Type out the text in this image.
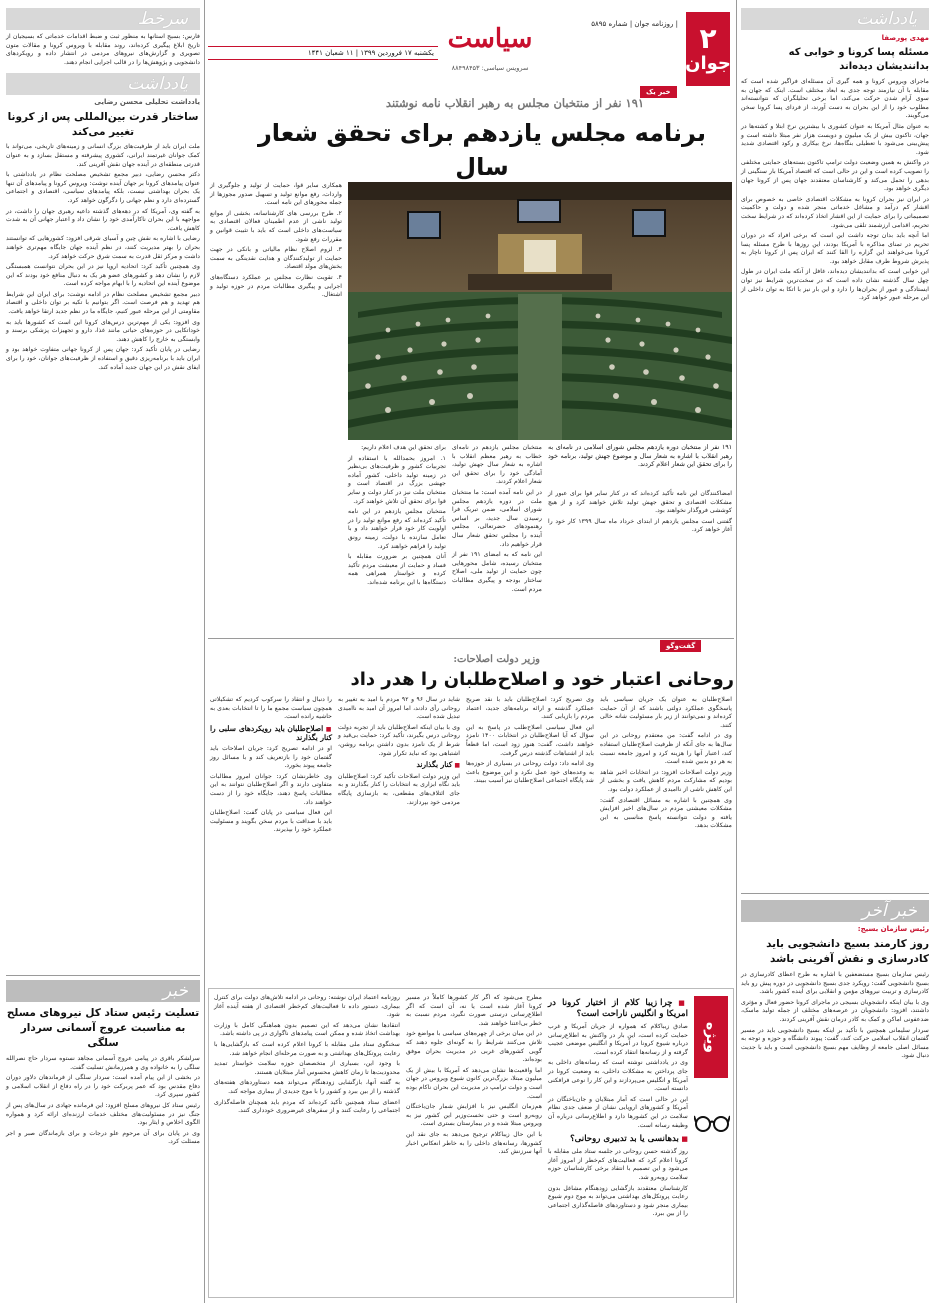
یادداشت
مهدی پورصفا
مسئله پسا کرونا و خوابی که بدانندیشان دیده‌اند

ماجرای ویروس کرونا و همه گیری آن مسئله‌ای فراگیر شده است که مقابله با آن نیازمند توجه جدی به ابعاد مختلف است. اینک که جهان به سوی آرام شدن حرکت می‌کند، اما برخی تحلیلگران که نتوانسته‌اند مطلوب خود را از این بحران به دست آورند، از فردای پسا کرونا سخن می‌گویند.

به عنوان مثال آمریکا به عنوان کشوری با بیشترین نرخ ابتلا و کشته‌ها در جهان، تاکنون بیش از یک میلیون و دویست هزار نفر مبتلا داشته است و پیش‌بینی می‌شود با تعطیلی بنگاه‌ها، نرخ بیکاری و رکود اقتصادی شدید شود.

در واکنش به همین وضعیت دولت ترامپ تاکنون بسته‌های حمایتی مختلفی را تصویب کرده است و این در حالی است که اقتصاد آمریکا بار سنگینی از بدهی را تحمل می‌کند و کارشناسان معتقدند جهان پس از کرونا جهان دیگری خواهد بود.

در ایران نیز بحران کرونا به مشکلات اقتصادی خاصی به خصوص برای اقشار کم درآمد و مشاغل خدماتی منجر شده و دولت و حاکمیت تصمیماتی را برای حمایت از این اقشار اتخاذ کرده‌اند که در شرایط سخت تحریم، اقدامی ارزشمند تلقی می‌شود.

اما آنچه باید بدان توجه داشت این است که برخی افراد که در دوران تحریم در تمنای مذاکره با آمریکا بودند، این روزها با طرح مسئله پسا کرونا می‌خواهند این گزاره را القا کنند که ایران پس از کرونا ناچار به پذیرش شروط طرف مقابل خواهد بود.

این خوابی است که بدانندیشان دیده‌اند، غافل از آنکه ملت ایران در طول چهل سال گذشته نشان داده است که در سخت‌ترین شرایط نیز توان ایستادگی و عبور از بحران‌ها را دارد و این بار نیز با اتکا به توان داخلی از این مرحله عبور خواهد کرد.

خبر آخر
رئیس سازمان بسیج:
روز کارمند بسیج دانشجویی باید کادرسازی و نقش آفرینی باشد

رئیس سازمان بسیج مستضعفین با اشاره به طرح اعطای کادرسازی در بسیج دانشجویی گفت: رویکرد جدی بسیج دانشجویی در دوره پیش رو باید کادرسازی و تربیت نیروهای مؤمن و انقلابی برای آینده کشور باشد.

وی با بیان اینکه دانشجویان بسیجی در ماجرای کرونا حضور فعال و مؤثری داشتند، افزود: دانشجویان در عرصه‌های مختلف از جمله تولید ماسک، ضدعفونی اماکن و کمک به کادر درمان نقش آفرینی کردند.

سردار سلیمانی همچنین با تأکید بر اینکه بسیج دانشجویی باید در مسیر گفتمان انقلاب اسلامی حرکت کند، گفت: پیوند دانشگاه و حوزه و توجه به مسائل اصلی جامعه از وظایف مهم بسیج دانشجویی است و باید با جدیت دنبال شود.

۲
جوان
| روزنامه جوان | شماره ۵۸۹۵
سیاست
سرویس سیاسی: ۸۸۴۹۸۴۵۳
یکشنبه ۱۷ فروردین ۱۳۹۹ | ۱۱ شعبان ۱۴۴۱
خبر یک
۱۹۱ نفر از منتخبان مجلس به رهبر انقلاب نامه نوشتند
برنامه مجلس یازدهم برای تحقق شعار سال
۱۹۱ نفر از منتخبان دوره یازدهم مجلس شورای اسلامی در نامه‌ای به رهبر انقلاب با اشاره به شعار سال و موضوع جهش تولید، برنامه خود را برای تحقق این شعار اعلام کردند.

منتخبان مجلس یازدهم در نامه‌ای خطاب به رهبر معظم انقلاب با اشاره به شعار سال جهش تولید، آمادگی خود را برای تحقق این شعار اعلام کردند.

در این نامه آمده است: ما منتخبان ملت در دوره یازدهم مجلس شورای اسلامی، ضمن تبریک فرا رسیدن سال جدید، بر اساس رهنمودهای حضرتعالی، مجلس آینده را مجلس تحقق شعار سال قرار خواهیم داد.

این نامه که به امضای ۱۹۱ نفر از منتخبان رسیده، شامل محورهایی چون حمایت از تولید ملی، اصلاح ساختار بودجه و پیگیری مطالبات مردم است.

امضاکنندگان این نامه تأکید کرده‌اند که در کنار سایر قوا برای عبور از مشکلات اقتصادی و تحقق جهش تولید تلاش خواهند کرد و از هیچ کوششی فروگذار نخواهند بود.

گفتنی است مجلس یازدهم از ابتدای خرداد ماه سال ۱۳۹۹ کار خود را آغاز خواهد کرد.

برای تحقق این هدف اعلام داریم:

۱. امروز بحمدالله با استفاده از تجربیات کشور و ظرفیت‌های بی‌نظیر در زمینه تولید داخلی، کشور آماده جهشی بزرگ در اقتصاد است و منتخبان ملت نیز در کنار دولت و سایر قوا برای تحقق آن تلاش خواهند کرد.

منتخبان مجلس یازدهم در این نامه تأکید کرده‌اند که رفع موانع تولید را در اولویت کار خود قرار خواهند داد و با تعامل سازنده با دولت، زمینه رونق تولید را فراهم خواهند کرد.

آنان همچنین بر ضرورت مقابله با فساد و حمایت از معیشت مردم تأکید کرده و خواستار همراهی همه دستگاه‌ها با این برنامه شده‌اند.

همکاری سایر قوا، حمایت از تولید و جلوگیری از واردات، رفع موانع تولید و تسهیل صدور مجوزها از جمله محورهای این نامه است.

۲. طرح بررسی های کارشناسانه، بخشی از موانع تولید ناشی از عدم اطمینان فعالان اقتصادی به سیاست‌های داخلی است که باید با تثبیت قوانین و مقررات رفع شود.

۳. لزوم اصلاح نظام مالیاتی و بانکی در جهت حمایت از تولیدکنندگان و هدایت نقدینگی به سمت بخش‌های مولد اقتصاد.

۴. تقویت نظارت مجلس بر عملکرد دستگاه‌های اجرایی و پیگیری مطالبات مردم در حوزه تولید و اشتغال.

گفت‌وگو
وزیر دولت اصلاحات:
روحانی اعتبار خود و اصلاح‌طلبان را هدر داد

اصلاح‌طلبان به عنوان یک جریان سیاسی باید پاسخگوی عملکرد دولتی باشند که از آن حمایت کرده‌اند و نمی‌توانند از زیر بار مسئولیت شانه خالی کنند.

وی در ادامه گفت: من معتقدم روحانی در این سال‌ها به جای آنکه از ظرفیت اصلاح‌طلبان استفاده کند، اعتبار آنها را هزینه کرد و امروز جامعه نسبت به هر دو بدبین شده است.

وزیر دولت اصلاحات افزود: در انتخابات اخیر شاهد بودیم که مشارکت مردم کاهش یافت و بخشی از این کاهش ناشی از ناامیدی از عملکرد دولت بود.

وی همچنین با اشاره به مسائل اقتصادی گفت: مشکلات معیشتی مردم در سال‌های اخیر افزایش یافته و دولت نتوانسته پاسخ مناسبی به این مشکلات بدهد.

وی تصریح کرد: اصلاح‌طلبان باید با نقد صریح عملکرد گذشته و ارائه برنامه‌های جدید، اعتماد مردم را بازیابی کنند.

این فعال سیاسی اصلاح‌طلب در پاسخ به این سؤال که آیا اصلاح‌طلبان در انتخابات ۱۴۰۰ نامزد خواهند داشت، گفت: هنوز زود است، اما قطعاً باید از اشتباهات گذشته درس گرفت.

وی ادامه داد: دولت روحانی در بسیاری از حوزه‌ها به وعده‌های خود عمل نکرد و این موضوع باعث شد پایگاه اجتماعی اصلاح‌طلبان نیز آسیب ببیند.

شاید در سال ۹۶ و ۹۲ مردم با امید به تغییر به روحانی رأی دادند، اما امروز آن امید به ناامیدی تبدیل شده است.

وی با بیان اینکه اصلاح‌طلبان باید از تجربه دولت روحانی درس بگیرند، تأکید کرد: حمایت بی‌قید و شرط از یک نامزد بدون داشتن برنامه روشن، اشتباهی بود که نباید تکرار شود.

■ کنار بگذارند

این وزیر دولت اصلاحات تأکید کرد: اصلاح‌طلبان باید نگاه ابزاری به انتخابات را کنار بگذارند و به جای ائتلاف‌های مقطعی، به بازسازی پایگاه مردمی خود بپردازند.

را دنبال و انتقاد را سرکوب کردیم که تشکیلاتی همچون سیاست مجمع ما را تا انتخابات بعدی به حاشیه رانده است.

■ اصلاح‌طلبان باید رویکردهای سلبی را کنار بگذارند

او در ادامه تصریح کرد: جریان اصلاحات باید گفتمان خود را بازتعریف کند و با مسائل روز جامعه پیوند بخورد.

وی خاطرنشان کرد: جوانان امروز مطالبات متفاوتی دارند و اگر اصلاح‌طلبان نتوانند به این مطالبات پاسخ دهند، جایگاه خود را از دست خواهند داد.

این فعال سیاسی در پایان گفت: اصلاح‌طلبان باید با صداقت با مردم سخن بگویند و مسئولیت عملکرد خود را بپذیرند.

ویژه
■ چرا زیبا کلام از اختیار کرونا در امریکا و انگلیس ناراحت است؟

صادق زیباکلام که همواره از جریان آمریکا و غرب حمایت کرده است، این بار در واکنش به اطلاع‌رسانی درباره شیوع کرونا در آمریکا و انگلیس موضعی عجیب گرفته و از رسانه‌ها انتقاد کرده است.

وی در یادداشتی نوشته است که رسانه‌های داخلی به جای پرداختن به مشکلات داخلی، به وضعیت کرونا در آمریکا و انگلیس می‌پردازند و این کار را نوعی فرافکنی دانسته است.

این در حالی است که آمار مبتلایان و جان‌باختگان در آمریکا و کشورهای اروپایی نشان از ضعف جدی نظام سلامت در این کشورها دارد و اطلاع‌رسانی درباره آن وظیفه رسانه است.

■ بدهانسی یا بد تدبیری روحانی؟

روز گذشته حسن روحانی در جلسه ستاد ملی مقابله با کرونا اعلام کرد که فعالیت‌های کم‌خطر از امروز آغاز می‌شود و این تصمیم با انتقاد برخی کارشناسان حوزه سلامت روبه‌رو شد.

کارشناسان معتقدند بازگشایی زودهنگام مشاغل بدون رعایت پروتکل‌های بهداشتی می‌تواند به موج دوم شیوع بیماری منجر شود و دستاوردهای فاصله‌گذاری اجتماعی را از بین ببرد.

مطرح می‌شود که اگر کار کشورها کاملاً در مسیر کرونا آغاز شده است یا نه، آن است که اگر اطلاع‌رسانی درستی صورت نگیرد، مردم نسبت به خطر بی‌اعتنا خواهند شد.

در این میان برخی از چهره‌های سیاسی با مواضع خود تلاش می‌کنند شرایط را به گونه‌ای جلوه دهند که گویی کشورهای غربی در مدیریت بحران موفق بوده‌اند.

اما واقعیت‌ها نشان می‌دهد که آمریکا با بیش از یک میلیون مبتلا، بزرگ‌ترین کانون شیوع ویروس در جهان است و دولت ترامپ در مدیریت این بحران ناکام بوده است.

هم‌زمان انگلیس نیز با افزایش شمار جان‌باختگان روبه‌رو است و حتی نخست‌وزیر این کشور نیز به ویروس مبتلا شده و در بیمارستان بستری است.

با این حال زیباکلام ترجیح می‌دهد به جای نقد این کشورها، رسانه‌های داخلی را به خاطر انعکاس اخبار آنها سرزنش کند.

روزنامه اعتماد ایران نوشته: روحانی در ادامه تلاش‌های دولت برای کنترل بیماری، دستور داده تا فعالیت‌های کم‌خطر اقتصادی از هفته آینده آغاز شود.

انتقادها نشان می‌دهد که این تصمیم بدون هماهنگی کامل با وزارت بهداشت اتخاذ شده و ممکن است پیامدهای ناگواری در پی داشته باشد.

سخنگوی ستاد ملی مقابله با کرونا اعلام کرده است که بازگشایی‌ها با رعایت پروتکل‌های بهداشتی و به صورت مرحله‌ای انجام خواهد شد.

با وجود این، بسیاری از متخصصان حوزه سلامت خواستار تمدید محدودیت‌ها تا زمان کاهش محسوس آمار مبتلایان هستند.

به گفته آنها، بازگشایی زودهنگام می‌تواند همه دستاوردهای هفته‌های گذشته را از بین ببرد و کشور را با موج جدیدی از بیماری مواجه کند.

اعضای ستاد همچنین تأکید کرده‌اند که مردم باید همچنان فاصله‌گذاری اجتماعی را رعایت کنند و از سفرهای غیرضروری خودداری کنند.

سرخط
فارس: بسیج استانها به منظور ثبت و ضبط اقدامات خدماتی که بسیجیان از تاریخ ابلاغ پیگیری کرده‌اند، روند مقابله با ویروس کرونا و مقالات متون تصویری و گزارش‌های نیروهای مردمی در انتشار داده و رویکردهای دانشجویی و پژوهش‌ها را در قالب اجرایی انجام دهند.
یادداشت
یادداشت تحلیلی محسن رضایی
ساختار قدرت بین‌المللی پس از کرونا تغییر می‌کند

ملت ایران باید از ظرفیت‌های بزرگ انسانی و زمینه‌های تاریخی، می‌تواند با کمک جوانان غیرتمند ایرانی، کشوری پیشرفته و مستقل بسازد و به عنوان قدرتی منطقه‌ای در آینده جهان نقش آفرینی کند.

دکتر محسن رضایی، دبیر مجمع تشخیص مصلحت نظام در یادداشتی با عنوان پیامدهای کرونا بر جهان آینده نوشت: ویروس کرونا و پیامدهای آن تنها یک بحران بهداشتی نیست، بلکه پیامدهای سیاسی، اقتصادی و اجتماعی گسترده‌ای دارد و نظم جهانی را دگرگون خواهد کرد.

به گفته وی، آمریکا که در دهه‌های گذشته داعیه رهبری جهان را داشت، در مواجهه با این بحران ناکارآمدی خود را نشان داد و اعتبار جهانی آن به شدت کاهش یافت.

رضایی با اشاره به نقش چین و آسیای شرقی افزود: کشورهایی که توانستند بحران را بهتر مدیریت کنند، در نظم آینده جهان جایگاه مهم‌تری خواهند داشت و مرکز ثقل قدرت به سمت شرق حرکت خواهد کرد.

وی همچنین تأکید کرد: اتحادیه اروپا نیز در این بحران نتوانست همبستگی لازم را نشان دهد و کشورهای عضو هر یک به دنبال منافع خود بودند که این موضوع آینده این اتحادیه را با ابهام مواجه کرده است.

دبیر مجمع تشخیص مصلحت نظام در ادامه نوشت: برای ایران این شرایط هم تهدید و هم فرصت است. اگر بتوانیم با تکیه بر توان داخلی و اقتصاد مقاومتی از این مرحله عبور کنیم، جایگاه ما در نظم جدید ارتقا خواهد یافت.

وی افزود: یکی از مهم‌ترین درس‌های کرونا این است که کشورها باید به خوداتکایی در حوزه‌های حیاتی مانند غذا، دارو و تجهیزات پزشکی برسند و وابستگی به خارج را کاهش دهند.

رضایی در پایان تأکید کرد: جهان پس از کرونا جهانی متفاوت خواهد بود و ایران باید با برنامه‌ریزی دقیق و استفاده از ظرفیت‌های جوانان، خود را برای ایفای نقش در این جهان جدید آماده کند.

خبر
تسلیت رئیس ستاد کل نیروهای مسلح به مناسبت عروج آسمانی سردار سلگی

سرلشکر باقری در پیامی عروج آسمانی مجاهد نستوه سردار حاج نصرالله سلگی را به خانواده وی و همرزمانش تسلیت گفت.

در بخشی از این پیام آمده است: سردار سلگی از فرماندهان دلاور دوران دفاع مقدس بود که عمر پربرکت خود را در راه دفاع از انقلاب اسلامی و کشور سپری کرد.

رئیس ستاد کل نیروهای مسلح افزود: این فرمانده جهادی در سال‌های پس از جنگ نیز در مسئولیت‌های مختلف خدمات ارزنده‌ای ارائه کرد و همواره الگوی اخلاص و ایثار بود.

وی در پایان برای آن مرحوم علو درجات و برای بازماندگان صبر و اجر مسئلت کرد.
